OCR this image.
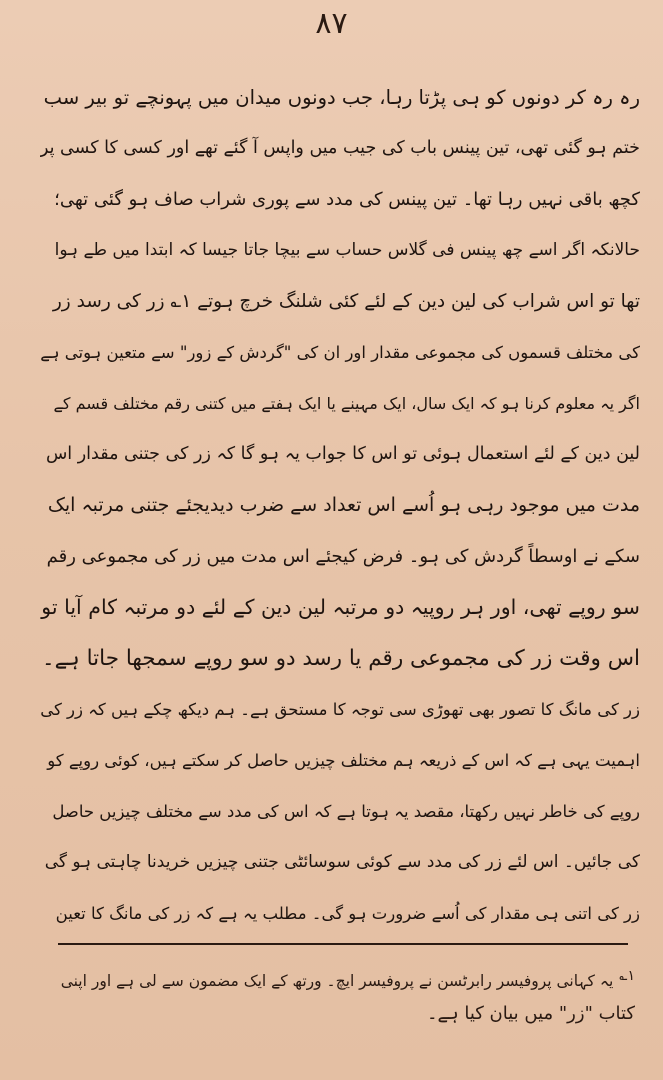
۸۷
رہ رہ کر دونوں کو ہی پڑتا رہا، جب دونوں میدان میں پہونچے تو بیر سب
ختم ہو گئی تھی، تین پینس باب کی جیب میں واپس آ گئے تھے اور کسی کا کسی پر
کچھ باقی نہیں رہا تھا۔ تین پینس کی مدد سے پوری شراب صاف ہو گئی تھی؛
حالانکہ اگر اسے چھ پینس فی گلاس حساب سے بیچا جاتا جیسا کہ ابتدا میں طے ہوا
تھا تو اس شراب کی لین دین کے لئے کئی شلنگ خرچ ہوتے ۱؎ زر کی رسد زر
کی مختلف قسموں کی مجموعی مقدار اور ان کی "گردش کے زور" سے متعین ہوتی ہے
اگر یہ معلوم کرنا ہو کہ ایک سال، ایک مہینے یا ایک ہفتے میں کتنی رقم مختلف قسم کے
لین دین کے لئے استعمال ہوئی تو اس کا جواب یہ ہو گا کہ زر کی جتنی مقدار اس
مدت میں موجود رہی ہو اُسے اس تعداد سے ضرب دیدیجئے جتنی مرتبہ ایک
سکے نے اوسطاً گردش کی ہو۔ فرض کیجئے اس مدت میں زر کی مجموعی رقم
سو روپے تھی، اور ہر روپیہ دو مرتبہ لین دین کے لئے دو مرتبہ کام آیا تو
اس وقت زر کی مجموعی رقم یا رسد دو سو روپے سمجھا جاتا ہے۔
زر کی مانگ کا تصور بھی تھوڑی سی توجہ کا مستحق ہے۔ ہم دیکھ چکے ہیں کہ زر کی
اہمیت یہی ہے کہ اس کے ذریعہ ہم مختلف چیزیں حاصل کر سکتے ہیں، کوئی روپے کو
روپے کی خاطر نہیں رکھتا، مقصد یہ ہوتا ہے کہ اس کی مدد سے مختلف چیزیں حاصل
کی جائیں۔ اس لئے زر کی مدد سے کوئی سوسائٹی جتنی چیزیں خریدنا چاہتی ہو گی
زر کی اتنی ہی مقدار کی اُسے ضرورت ہو گی۔ مطلب یہ ہے کہ زر کی مانگ کا تعین
۱؎یہ کہانی پروفیسر رابرٹسن نے پروفیسر ایچ۔ ورتھ کے ایک مضمون سے لی ہے اور اپنی
کتاب "زر" میں بیان کیا ہے۔
